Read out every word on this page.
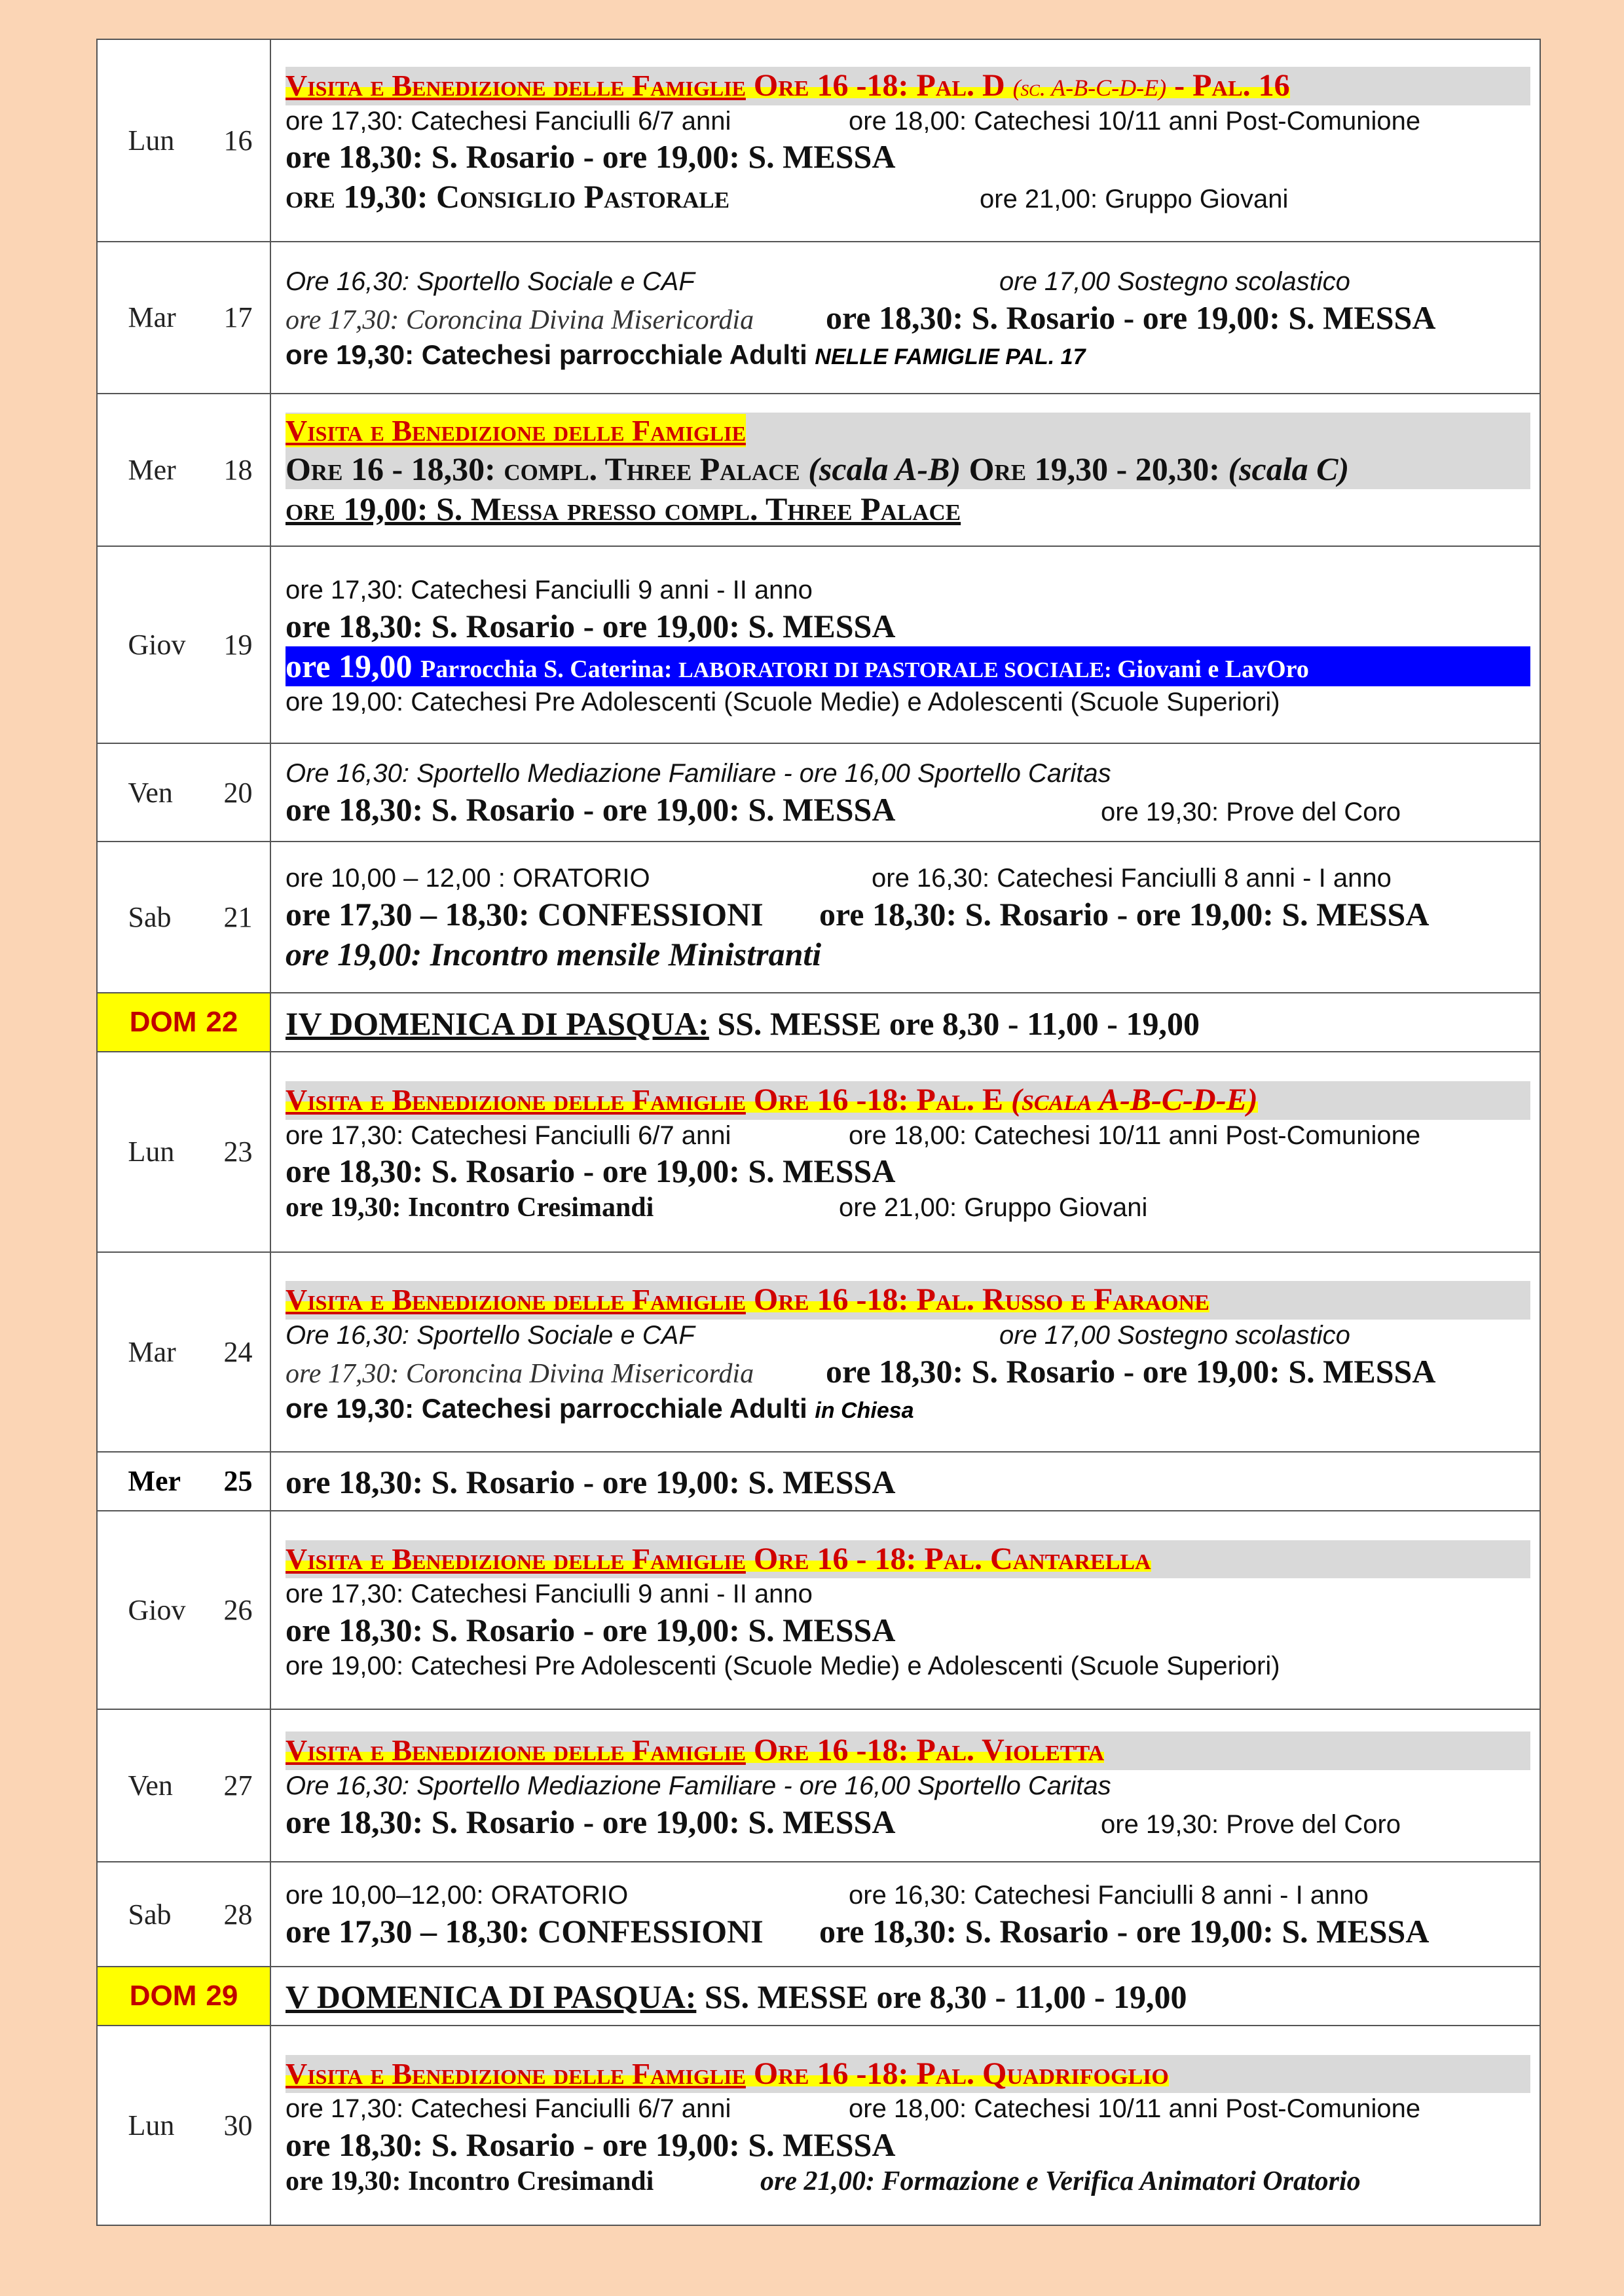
Lun	16
Visita e Benedizione delle Famiglie Ore 16 -18: Pal. D (sc. A-B-C-D-E) - Pal. 16
ore 17,30: Catechesi Fanciulli 6/7 anni	ore 18,00: Catechesi 10/11 anni Post-Comunione
ore 18,30: S. Rosario - ore 19,00: S. MESSA
ore 19,30: Consiglio Pastorale	ore 21,00: Gruppo Giovani
Mar	17
Ore 16,30: Sportello Sociale e CAF	ore 17,00 Sostegno scolastico
ore 17,30: Coroncina Divina Misericordia ore 18,30: S. Rosario - ore 19,00: S. MESSA
ore 19,30: Catechesi parrocchiale Adulti NELLE FAMIGLIE PAL. 17
Mer	18
Visita e Benedizione delle Famiglie
Ore 16 - 18,30: compl. Three Palace (scala A-B) Ore 19,30 - 20,30: (scala C)
ore 19,00: S. Messa presso compl. Three Palace
Giov	19
ore 17,30: Catechesi Fanciulli 9 anni - II anno
ore 18,30: S. Rosario - ore 19,00: S. MESSA
ore 19,00 Parrocchia S. Caterina: LABORATORI DI PASTORALE SOCIALE: Giovani e LavOro
ore 19,00: Catechesi Pre Adolescenti (Scuole Medie) e Adolescenti (Scuole Superiori)
Ven	20
Ore 16,30: Sportello Mediazione Familiare - ore 16,00 Sportello Caritas
ore 18,30: S. Rosario - ore 19,00: S. MESSA	ore 19,30: Prove del Coro
Sab	21
ore 10,00 – 12,00 : ORATORIO	ore 16,30: Catechesi Fanciulli 8 anni - I anno
ore 17,30 – 18,30: CONFESSIONI ore 18,30: S. Rosario - ore 19,00: S. MESSA
ore 19,00: Incontro mensile Ministranti
DOM 22 IV DOMENICA DI PASQUA: SS. MESSE ore 8,30 - 11,00 - 19,00
Lun	23
Visita e Benedizione delle Famiglie Ore 16 -18: Pal. E (scala A-B-C-D-E)
ore 17,30: Catechesi Fanciulli 6/7 anni	ore 18,00: Catechesi 10/11 anni Post-Comunione
ore 18,30: S. Rosario - ore 19,00: S. MESSA
ore 19,30: Incontro Cresimandi	ore 21,00: Gruppo Giovani
Mar	24
Visita e Benedizione delle Famiglie Ore 16 -18: Pal. Russo e Faraone
Ore 16,30: Sportello Sociale e CAF	ore 17,00 Sostegno scolastico
ore 17,30: Coroncina Divina Misericordia ore 18,30: S. Rosario - ore 19,00: S. MESSA
ore 19,30: Catechesi parrocchiale Adulti in Chiesa
Mer	25 ore 18,30: S. Rosario - ore 19,00: S. MESSA
Giov	26
Visita e Benedizione delle Famiglie Ore 16 - 18: Pal. Cantarella
ore 17,30: Catechesi Fanciulli 9 anni - II anno
ore 18,30: S. Rosario - ore 19,00: S. MESSA
ore 19,00: Catechesi Pre Adolescenti (Scuole Medie) e Adolescenti (Scuole Superiori)
Ven	27
Visita e Benedizione delle Famiglie Ore 16 -18: Pal. Violetta
Ore 16,30: Sportello Mediazione Familiare - ore 16,00 Sportello Caritas
ore 18,30: S. Rosario - ore 19,00: S. MESSA	ore 19,30: Prove del Coro
Sab	28
ore 10,00–12,00: ORATORIO	ore 16,30: Catechesi Fanciulli 8 anni - I anno
ore 17,30 – 18,30: CONFESSIONI ore 18,30: S. Rosario - ore 19,00: S. MESSA
DOM 29 V DOMENICA DI PASQUA: SS. MESSE ore 8,30 - 11,00 - 19,00
Lun	30
Visita e Benedizione delle Famiglie Ore 16 -18: Pal. Quadrifoglio
ore 17,30: Catechesi Fanciulli 6/7 anni	ore 18,00: Catechesi 10/11 anni Post-Comunione
ore 18,30: S. Rosario - ore 19,00: S. MESSA
ore 19,30: Incontro Cresimandi	ore 21,00: Formazione e Verifica Animatori Oratorio
